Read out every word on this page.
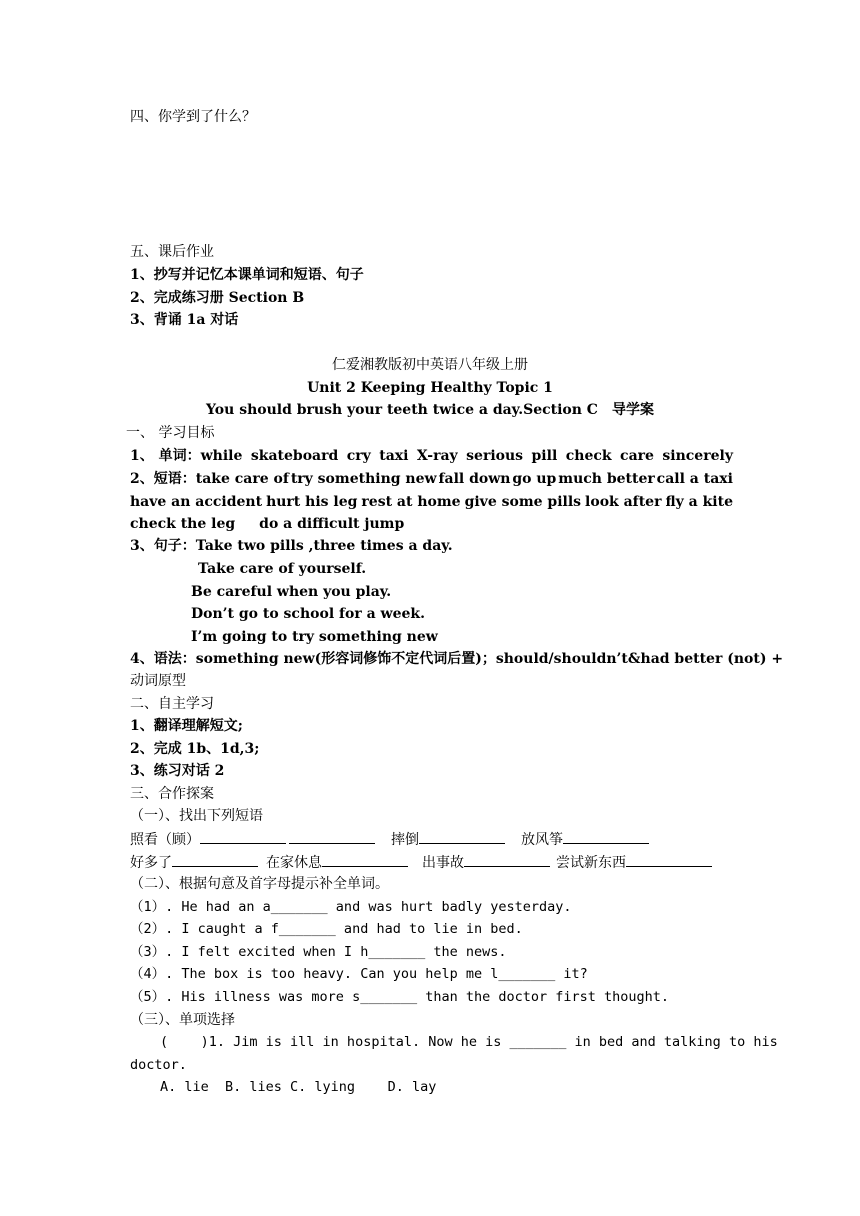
四、你学到了什么？
五、课后作业
1、抄写并记忆本课单词和短语、句子
2、完成练习册 Section B
3、背诵 1a 对话
仁爱湘教版初中英语八年级上册
Unit 2 Keeping Healthy Topic 1
You should brush your teeth twice a day.Section C　导学案
一、 学习目标
1、 单词：while skateboard cry taxi X-ray serious pill check care sincerely
2、短语：take care of try something new fall down go up much better call a taxi
have an accident hurt his leg rest at home give some pills look after fly a kite
check the leg do a difficult jump
3、句子：Take two pills ,three times a day.
Take care of yourself.
Be careful when you play.
Don’t go to school for a week.
I’m going to try something new
4、语法：something new(形容词修饰不定代词后置)；should/shouldn’t&had better (not) +
动词原型
二、自主学习
1、翻译理解短文;
2、完成 1b、1d,3;
3、练习对话 2
三、合作探案
（一）、找出下列短语
照看（顾）	摔倒	放风筝
好多了	在家休息	出事故	尝试新东西
（二）、根据句意及首字母提示补全单词。
（1）. He had an a_______ and was hurt badly yesterday.
（2）. I caught a f_______ and had to lie in bed.
（3）. I felt excited when I h_______ the news.
（4）. The box is too heavy. Can you help me l_______ it?
（5）. His illness was more s_______ than the doctor first thought.
（三）、单项选择
(    )1. Jim is ill in hospital. Now he is _______ in bed and talking to his
doctor.
A. lie  B. lies C. lying    D. lay
